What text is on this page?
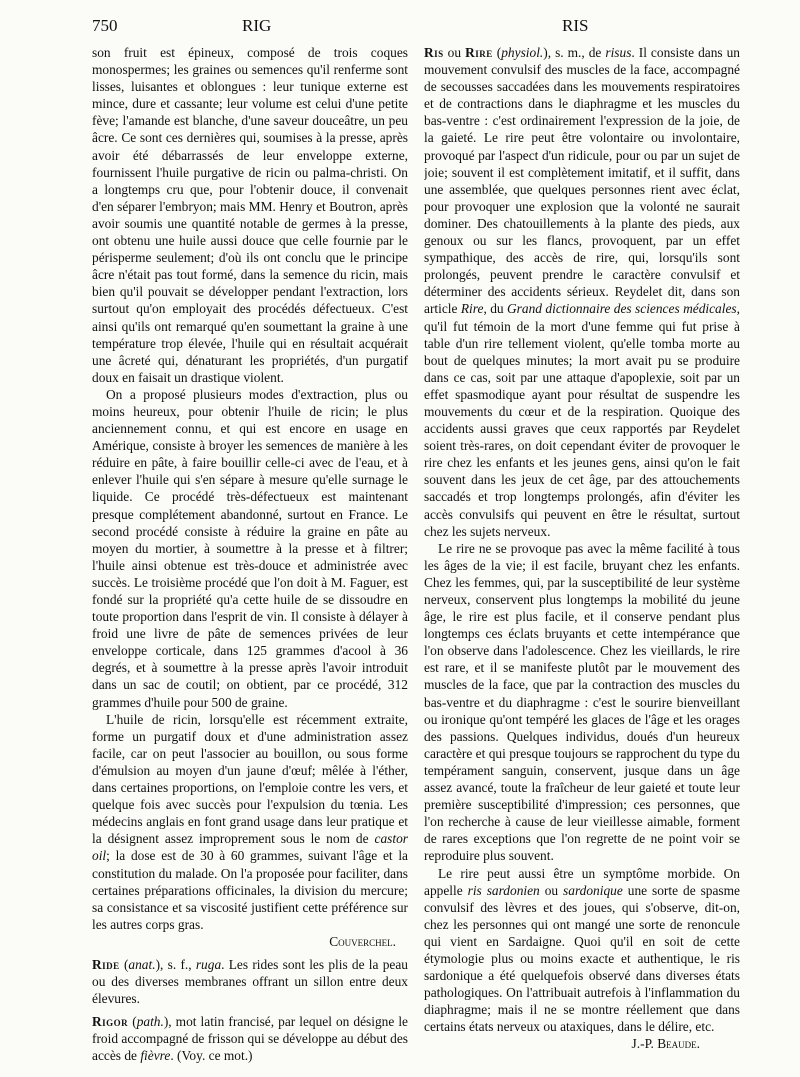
750	RIG	RIS

son fruit est épineux, composé de trois coques monospermes; les graines ou semences qu'il renferme sont lisses, luisantes et oblongues : leur tunique externe est mince, dure et cassante; leur volume est celui d'une petite fève; l'amande est blanche, d'une saveur douceâtre, un peu âcre. Ce sont ces dernières qui, soumises à la presse, après avoir été débarrassés de leur enveloppe externe, fournissent l'huile purgative de ricin ou palma-christi. On a longtemps cru que, pour l'obtenir douce, il convenait d'en séparer l'embryon; mais MM. Henry et Boutron, après avoir soumis une quantité notable de germes à la presse, ont obtenu une huile aussi douce que celle fournie par le périsperme seulement; d'où ils ont conclu que le principe âcre n'était pas tout formé, dans la semence du ricin, mais bien qu'il pouvait se développer pendant l'extraction, lors surtout qu'on employait des procédés défectueux. C'est ainsi qu'ils ont remarqué qu'en soumettant la graine à une température trop élevée, l'huile qui en résultait acquérait une âcreté qui, dénaturant les propriétés, d'un purgatif doux en faisait un drastique violent.

On a proposé plusieurs modes d'extraction, plus ou moins heureux, pour obtenir l'huile de ricin; le plus anciennement connu, et qui est encore en usage en Amérique, consiste à broyer les semences de manière à les réduire en pâte, à faire bouillir celle-ci avec de l'eau, et à enlever l'huile qui s'en sépare à mesure qu'elle surnage le liquide. Ce procédé très-défectueux est maintenant presque complétement abandonné, surtout en France. Le second procédé consiste à réduire la graine en pâte au moyen du mortier, à soumettre à la presse et à filtrer; l'huile ainsi obtenue est très-douce et administrée avec succès. Le troisième procédé que l'on doit à M. Faguer, est fondé sur la propriété qu'a cette huile de se dissoudre en toute proportion dans l'esprit de vin. Il consiste à délayer à froid une livre de pâte de semences privées de leur enveloppe corticale, dans 125 grammes d'acool à 36 degrés, et à soumettre à la presse après l'avoir introduit dans un sac de coutil; on obtient, par ce procédé, 312 grammes d'huile pour 500 de graine.

L'huile de ricin, lorsqu'elle est récemment extraite, forme un purgatif doux et d'une administration assez facile, car on peut l'associer au bouillon, ou sous forme d'émulsion au moyen d'un jaune d'œuf; mêlée à l'éther, dans certaines proportions, on l'emploie contre les vers, et quelque fois avec succès pour l'expulsion du tœnia. Les médecins anglais en font grand usage dans leur pratique et la désignent assez improprement sous le nom de castor oil; la dose est de 30 à 60 grammes, suivant l'âge et la constitution du malade. On l'a proposée pour faciliter, dans certaines préparations officinales, la division du mercure; sa consistance et sa viscosité justifient cette préférence sur les autres corps gras.

Couverchel.

Ride (anat.), s. f., ruga. Les rides sont les plis de la peau ou des diverses membranes offrant un sillon entre deux élevures.

Rigor (path.), mot latin francisé, par lequel on désigne le froid accompagné de frisson qui se développe au début des accès de fièvre. (Voy. ce mot.)

Ris ou Rire (physiol.), s. m., de risus. Il consiste dans un mouvement convulsif des muscles de la face, accompagné de secousses saccadées dans les mouvements respiratoires et de contractions dans le diaphragme et les muscles du bas-ventre : c'est ordinairement l'expression de la joie, de la gaieté. Le rire peut être volontaire ou involontaire, provoqué par l'aspect d'un ridicule, pour ou par un sujet de joie; souvent il est complètement imitatif, et il suffit, dans une assemblée, que quelques personnes rient avec éclat, pour provoquer une explosion que la volonté ne saurait dominer. Des chatouillements à la plante des pieds, aux genoux ou sur les flancs, provoquent, par un effet sympathique, des accès de rire, qui, lorsqu'ils sont prolongés, peuvent prendre le caractère convulsif et déterminer des accidents sérieux. Reydelet dit, dans son article Rire, du Grand dictionnaire des sciences médicales, qu'il fut témoin de la mort d'une femme qui fut prise à table d'un rire tellement violent, qu'elle tomba morte au bout de quelques minutes; la mort avait pu se produire dans ce cas, soit par une attaque d'apoplexie, soit par un effet spasmodique ayant pour résultat de suspendre les mouvements du cœur et de la respiration. Quoique des accidents aussi graves que ceux rapportés par Reydelet soient très-rares, on doit cependant éviter de provoquer le rire chez les enfants et les jeunes gens, ainsi qu'on le fait souvent dans les jeux de cet âge, par des attouchements saccadés et trop longtemps prolongés, afin d'éviter les accès convulsifs qui peuvent en être le résultat, surtout chez les sujets nerveux.

Le rire ne se provoque pas avec la même facilité à tous les âges de la vie; il est facile, bruyant chez les enfants. Chez les femmes, qui, par la susceptibilité de leur système nerveux, conservent plus longtemps la mobilité du jeune âge, le rire est plus facile, et il conserve pendant plus longtemps ces éclats bruyants et cette intempérance que l'on observe dans l'adolescence. Chez les vieillards, le rire est rare, et il se manifeste plutôt par le mouvement des muscles de la face, que par la contraction des muscles du bas-ventre et du diaphragme : c'est le sourire bienveillant ou ironique qu'ont tempéré les glaces de l'âge et les orages des passions. Quelques individus, doués d'un heureux caractère et qui presque toujours se rapprochent du type du tempérament sanguin, conservent, jusque dans un âge assez avancé, toute la fraîcheur de leur gaieté et toute leur première susceptibilité d'impression; ces personnes, que l'on recherche à cause de leur vieillesse aimable, forment de rares exceptions que l'on regrette de ne point voir se reproduire plus souvent.

Le rire peut aussi être un symptôme morbide. On appelle ris sardonien ou sardonique une sorte de spasme convulsif des lèvres et des joues, qui s'observe, dit-on, chez les personnes qui ont mangé une sorte de renoncule qui vient en Sardaigne. Quoi qu'il en soit de cette étymologie plus ou moins exacte et authentique, le ris sardonique a été quelquefois observé dans diverses états pathologiques. On l'attribuait autrefois à l'inflammation du diaphragme; mais il ne se montre réellement que dans certains états nerveux ou ataxiques, dans le délire, etc.

J.-P. Beaude.
